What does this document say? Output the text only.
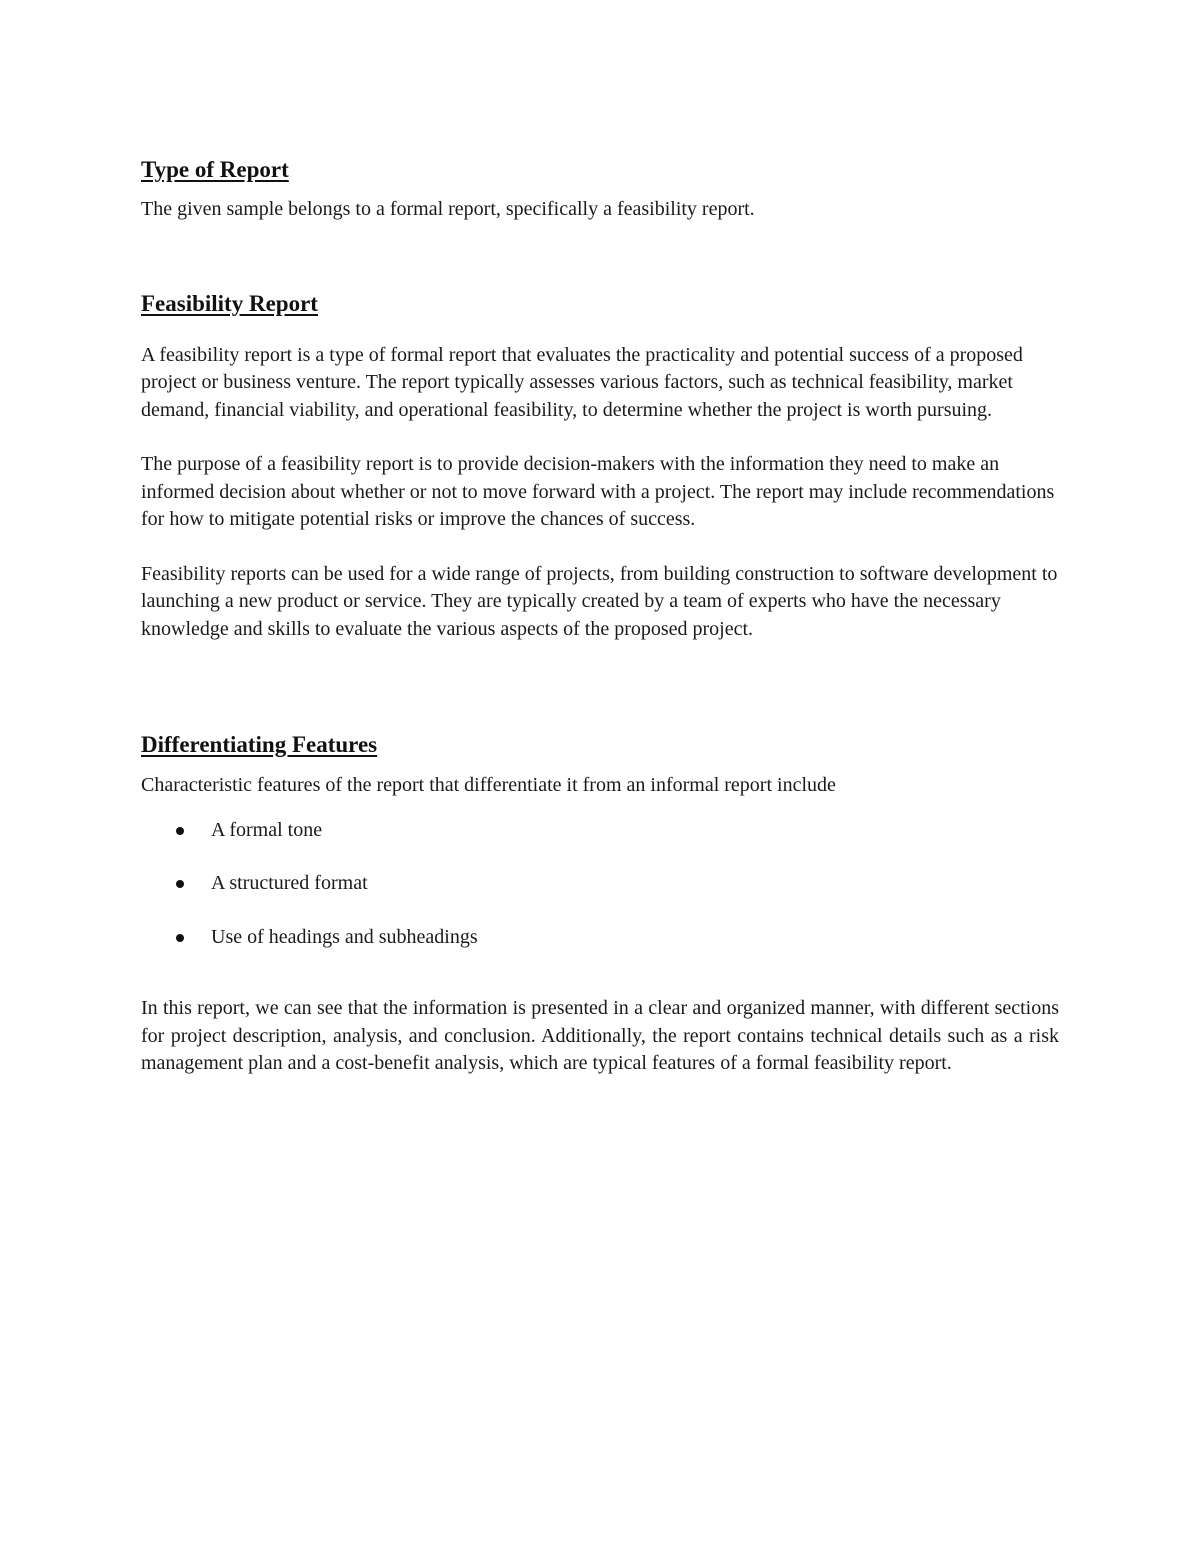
Type of Report

The given sample belongs to a formal report, specifically a feasibility report.

Feasibility Report

A feasibility report is a type of formal report that evaluates the practicality and potential success of a proposed project or business venture. The report typically assesses various factors, such as technical feasibility, market demand, financial viability, and operational feasibility, to determine whether the project is worth pursuing.

The purpose of a feasibility report is to provide decision-makers with the information they need to make an informed decision about whether or not to move forward with a project. The report may include recommendations for how to mitigate potential risks or improve the chances of success.

Feasibility reports can be used for a wide range of projects, from building construction to software development to launching a new product or service. They are typically created by a team of experts who have the necessary knowledge and skills to evaluate the various aspects of the proposed project.

Differentiating Features

Characteristic features of the report that differentiate it from an informal report include

A formal tone
A structured format
Use of headings and subheadings

In this report, we can see that the information is presented in a clear and organized manner, with different sections for project description, analysis, and conclusion. Additionally, the report contains technical details such as a risk management plan and a cost-benefit analysis, which are typical features of a formal feasibility report.
